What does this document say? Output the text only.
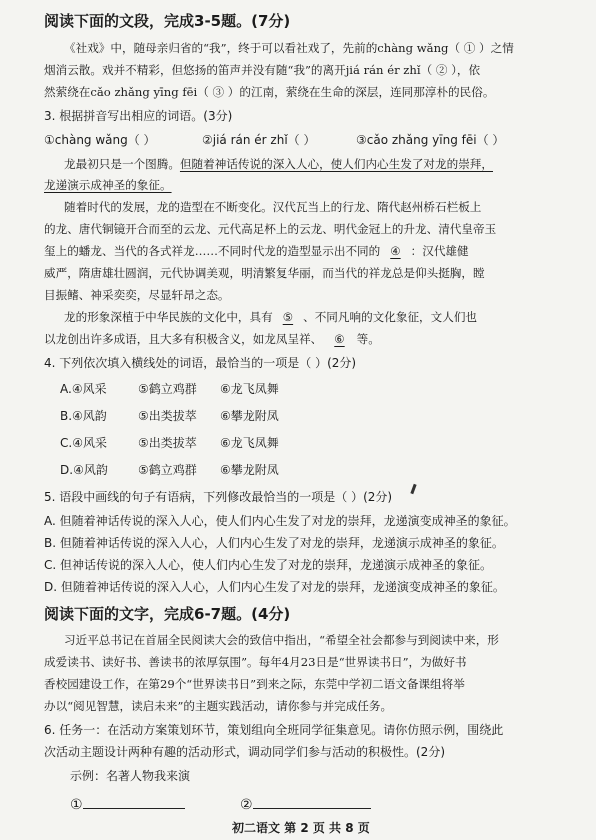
阅读下面的文段，完成3-5题。(7分)
《社戏》中，随母亲归省的“我”，终于可以看社戏了，先前的chàng wǎng（ ① ）之情
烟消云散。戏并不精彩，但悠扬的笛声并没有随“我”的离开jiá rán ér zhǐ（ ② ），依
然萦绕在cǎo zhǎng yīng fēi（ ③ ）的江南，萦绕在生命的深层，连同那淳朴的民俗。
3. 根据拼音写出相应的词语。(3分)
①chàng wǎng（ ）	②jiá rán ér zhǐ（ ）	③cǎo zhǎng yīng fēi（ ）
龙最初只是一个图腾。但随着神话传说的深入人心，使人们内心生发了对龙的崇拜，
龙递演示成神圣的象征。
随着时代的发展，龙的造型在不断变化。汉代瓦当上的行龙、隋代赵州桥石栏板上
的龙、唐代铜镜开合而至的云龙、元代高足杯上的云龙、明代金冠上的升龙、清代皇帝玉
玺上的蟠龙、当代的各式祥龙……不同时代龙的造型显示出不同的 ④ ：汉代雄健
威严，隋唐雄壮圆润，元代协调美观，明清繁复华丽，而当代的祥龙总是仰头挺胸，瞠
目振鳍、神采奕奕，尽显轩昂之态。
龙的形象深植于中华民族的文化中，具有 ⑤ 、不同凡响的文化象征，文人们也
以龙创出许多成语，且大多有积极含义，如龙凤呈祥、 ⑥ 等。
4. 下列依次填入横线处的词语，最恰当的一项是（ ）(2分)
A.④风采	⑤鹤立鸡群 ⑥龙飞凤舞
B.④风韵	⑤出类拔萃 ⑥攀龙附凤
C.④风采	⑤出类拔萃 ⑥龙飞凤舞
D.④风韵	⑤鹤立鸡群 ⑥攀龙附凤
5. 语段中画线的句子有语病，下列修改最恰当的一项是（ ）(2分)
A. 但随着神话传说的深入人心，使人们内心生发了对龙的崇拜，龙递演变成神圣的象征。
B. 但随着神话传说的深入人心，人们内心生发了对龙的崇拜，龙递演示成神圣的象征。
C. 但神话传说的深入人心，使人们内心生发了对龙的崇拜，龙递演示成神圣的象征。
D. 但随着神话传说的深入人心，人们内心生发了对龙的崇拜，龙递演变成神圣的象征。
阅读下面的文字，完成6-7题。(4分)
习近平总书记在首届全民阅读大会的致信中指出，“希望全社会都参与到阅读中来，形
成爱读书、读好书、善读书的浓厚氛围”。每年4月23日是“世界读书日”，为做好书
香校园建设工作，在第29个“世界读书日”到来之际，东莞中学初二语文备课组将举
办以“阅见智慧，读启未来”的主题实践活动，请你参与并完成任务。
6. 任务一：在活动方案策划环节，策划组向全班同学征集意见。请你仿照示例，围绕此
次活动主题设计两种有趣的活动形式，调动同学们参与活动的积极性。(2分)
示例：名著人物我来演
①	②
初二语文 第 2 页 共 8 页
